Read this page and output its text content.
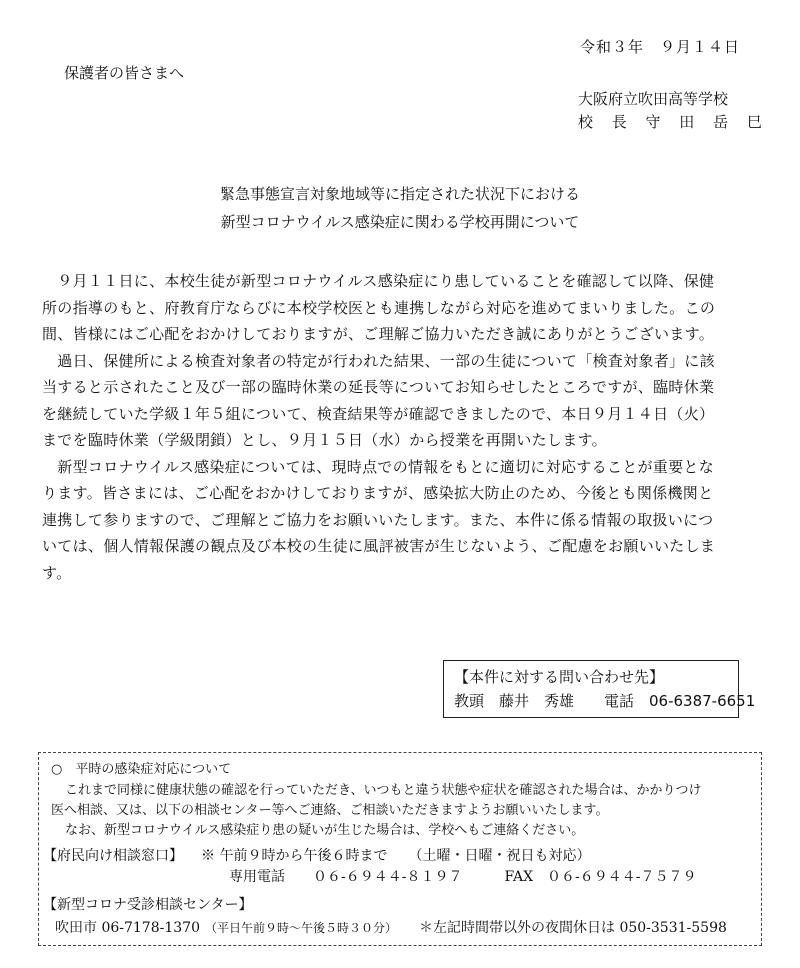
令和３年　９月１４日
保護者の皆さまへ
大阪府立吹田高等学校
校 長 守 田 岳 巳
緊急事態宣言対象地域等に指定された状況下における
新型コロナウイルス感染症に関わる学校再開について
　９月１１日に、本校生徒が新型コロナウイルス感染症にり患していることを確認して以降、保健
所の指導のもと、府教育庁ならびに本校学校医とも連携しながら対応を進めてまいりました。この
間、皆様にはご心配をおかけしておりますが、ご理解ご協力いただき誠にありがとうございます。
　過日、保健所による検査対象者の特定が行われた結果、一部の生徒について「検査対象者」に該
当すると示されたこと及び一部の臨時休業の延長等についてお知らせしたところですが、臨時休業
を継続していた学級１年５組について、検査結果等が確認できましたので、本日９月１４日（火）
までを臨時休業（学級閉鎖）とし、９月１５日（水）から授業を再開いたします。
　新型コロナウイルス感染症については、現時点での情報をもとに適切に対応することが重要とな
ります。皆さまには、ご心配をおかけしておりますが、感染拡大防止のため、今後とも関係機関と
連携して参りますので、ご理解とご協力をお願いいたします。また、本件に係る情報の取扱いにつ
いては、個人情報保護の観点及び本校の生徒に風評被害が生じないよう、ご配慮をお願いいたしま
す。
【本件に対する問い合わせ先】
教頭　藤井　秀雄　　電話　06-6387-6651
○　平時の感染症対応について
これまで同様に健康状態の確認を行っていただき、いつもと違う状態や症状を確認された場合は、かかりつけ
医へ相談、又は、以下の相談センター等へご連絡、ご相談いただきますようお願いいたします。
なお、新型コロナウイルス感染症り患の疑いが生じた場合は、学校へもご連絡ください。
【府民向け相談窓口】 ※ 午前９時から午後６時まで　　（土曜・日曜・祝日も対応）
専用電話　　０６-６９４４-８１９７　　　FAX　０６-６９４４-７５７９
【新型コロナ受診相談センター】
吹田市 06-7178-1370 （平日午前９時～午後５時３０分） ＊左記時間帯以外の夜間休日は 050-3531-5598
